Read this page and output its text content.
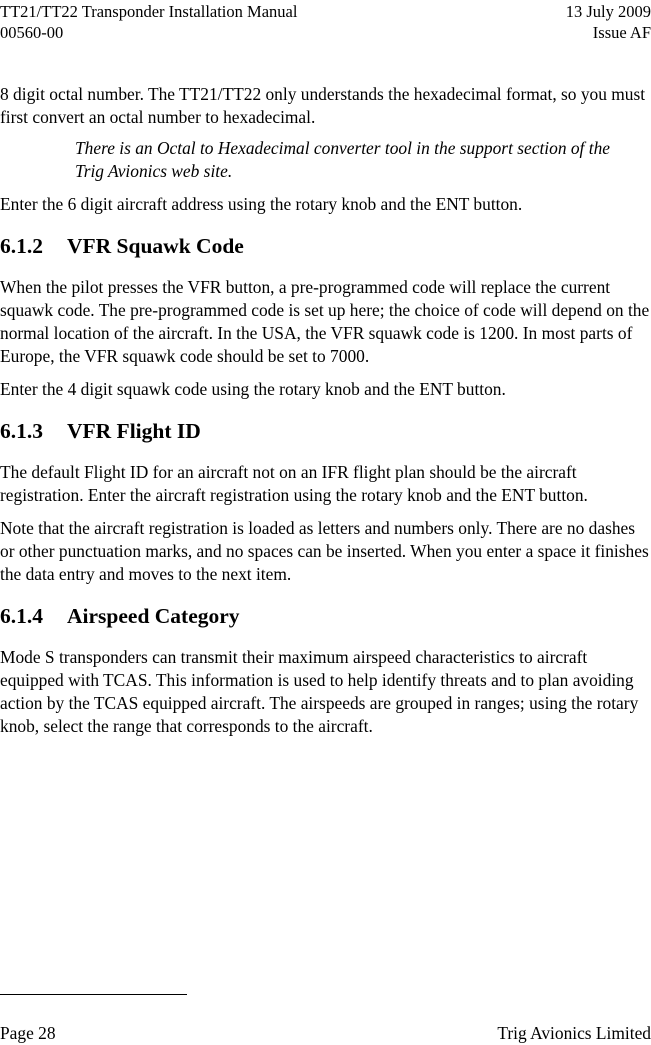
TT21/TT22 Transponder Installation Manual	13 July 2009
00560-00	Issue AF

8 digit octal number. The TT21/TT22 only understands the hexadecimal format, so you must first convert an octal number to hexadecimal.

There is an Octal to Hexadecimal converter tool in the support section of the Trig Avionics web site.

Enter the 6 digit aircraft address using the rotary knob and the ENT button.

6.1.2 VFR Squawk Code

When the pilot presses the VFR button, a pre-programmed code will replace the current squawk code. The pre-programmed code is set up here; the choice of code will depend on the normal location of the aircraft. In the USA, the VFR squawk code is 1200. In most parts of Europe, the VFR squawk code should be set to 7000.

Enter the 4 digit squawk code using the rotary knob and the ENT button.

6.1.3 VFR Flight ID

The default Flight ID for an aircraft not on an IFR flight plan should be the aircraft registration. Enter the aircraft registration using the rotary knob and the ENT button.

Note that the aircraft registration is loaded as letters and numbers only. There are no dashes or other punctuation marks, and no spaces can be inserted. When you enter a space it finishes the data entry and moves to the next item.

6.1.4 Airspeed Category

Mode S transponders can transmit their maximum airspeed characteristics to aircraft equipped with TCAS. This information is used to help identify threats and to plan avoiding action by the TCAS equipped aircraft. The airspeeds are grouped in ranges; using the rotary knob, select the range that corresponds to the aircraft.

Page 28	Trig Avionics Limited
